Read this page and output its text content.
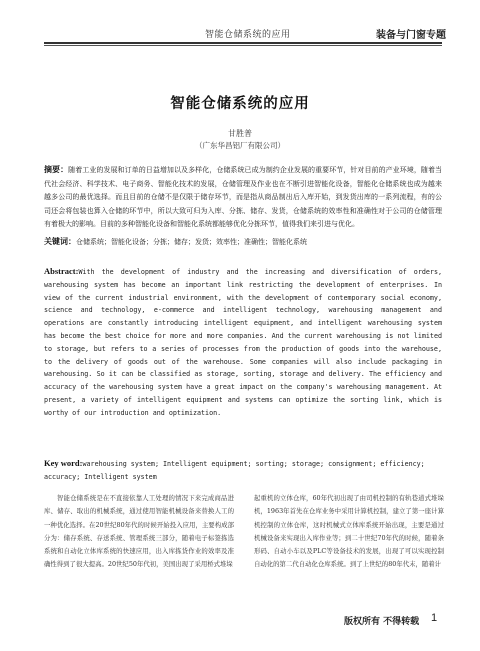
智能仓储系统的应用	装备与门窗专题
智能仓储系统的应用
甘胜普
（广东华昌铝厂有限公司）
摘要：随着工业的发展和订单的日益增加以及多样化，仓储系统已成为制约企业发展的重要环节，针对目前的产业环境，随着当代社会经济、科学技术、电子商务、智能化技术的发展，仓储管理及作业也在不断引进智能化设备，智能化仓储系统也成为越来越多公司的最优选择。而且目前的仓储不是仅限于储存环节，而是指从商品制出后入库开始，到发货出库的一系列流程，有的公司还会将包装也算入仓储的环节中，所以大致可归为入库、分拣、储存、发货，仓储系统的效率性和准确性对于公司的仓储管理有着极大的影响。目前的多种智能化设备和智能化系统都能够优化分拣环节，值得我们来引进与优化。
关键词：仓储系统；智能化设备；分拣；储存；发货；效率性；准确性；智能化系统
Abstract:With the development of industry and the increasing and diversification of orders, warehousing system has become an important link restricting the development of enterprises. In view of the current industrial environment, with the development of contemporary social economy, science and technology, e-commerce and intelligent technology, warehousing management and operations are constantly introducing intelligent equipment, and intelligent warehousing system has become the best choice for more and more companies. And the current warehousing is not limited to storage, but refers to a series of processes from the production of goods into the warehouse, to the delivery of goods out of the warehouse. Some companies will also include packaging in warehousing. So it can be classified as storage, sorting, storage and delivery. The efficiency and accuracy of the warehousing system have a great impact on the company's warehousing management. At present, a variety of intelligent equipment and systems can optimize the sorting link, which is worthy of our introduction and optimization.
Key word:warehousing system; Intelligent equipment; sorting; storage; consignment; efficiency; accuracy; Intelligent system
智能仓储系统是在不直接依靠人工处理的情况下来完成商品进库、储存、取出的机械系统，通过使用智能机械设备来替换人工的一种优化选择。在20世纪80年代的时候开始投入应用，主要构成部分为：储存系统、存送系统、管理系统三部分，随着电子标签拣选系统和自动化立体库系统的快速应用，出入库拣货作业的效率及准确性得到了很大提高。20世纪50年代初，美国出现了采用桥式堆垛
起重机的立体仓库，60年代初出现了由司机控制的有轨巷道式堆垛机，1963年首先在仓库业务中采用计算机控制，建立了第一座计算机控制的立体仓库，这时机械式立体库系统开始出现，主要是通过机械设备来实现出入库作业等；到二十世纪70年代的时候，随着条形码、自动小车以及PLC等设备技术的发展，出现了可以实现控制自动化的第二代自动化仓库系统。到了上世纪的80年代末，随着计
版权所有 不得转载 1
